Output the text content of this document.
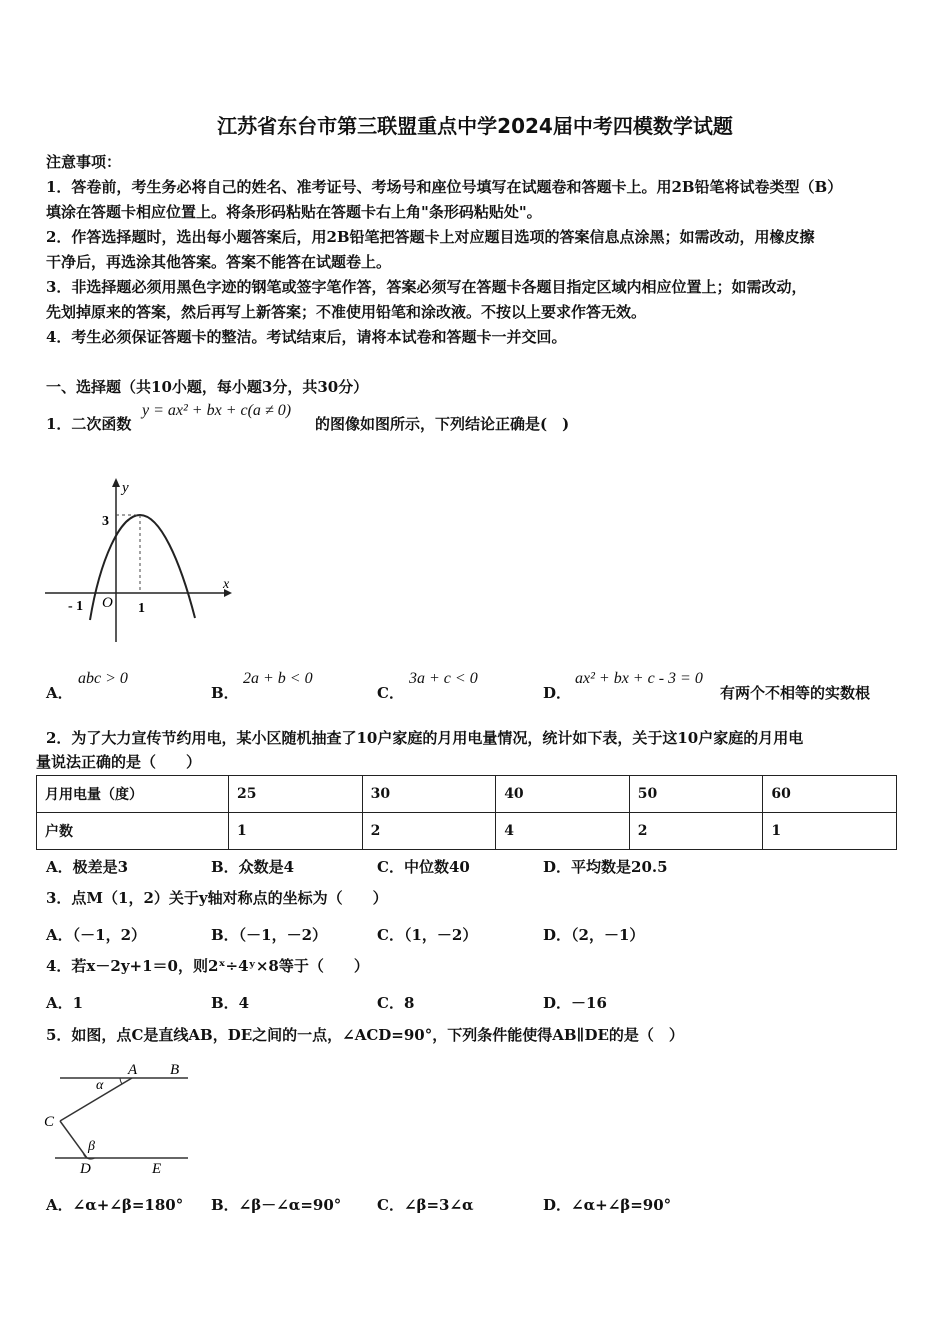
江苏省东台市第三联盟重点中学2024届中考四模数学试题
注意事项：
1．答卷前，考生务必将自己的姓名、准考证号、考场号和座位号填写在试题卷和答题卡上。用2B铅笔将试卷类型（B）
填涂在答题卡相应位置上。将条形码粘贴在答题卡右上角"条形码粘贴处"。
2．作答选择题时，选出每小题答案后，用2B铅笔把答题卡上对应题目选项的答案信息点涂黑；如需改动，用橡皮擦
干净后，再选涂其他答案。答案不能答在试题卷上。
3．非选择题必须用黑色字迹的钢笔或签字笔作答，答案必须写在答题卡各题目指定区域内相应位置上；如需改动，
先划掉原来的答案，然后再写上新答案；不准使用铅笔和涂改液。不按以上要求作答无效。
4．考生必须保证答题卡的整洁。考试结束后，请将本试卷和答题卡一并交回。
一、选择题（共10小题，每小题3分，共30分）
1．二次函数
y = ax² + bx + c(a ≠ 0)
的图像如图所示，下列结论正确是(　)
y
x
3
1
- 1 O
A．
abc > 0
B．
2a + b < 0
C．
3a + c < 0
D．
ax² + bx + c - 3 = 0
有两个不相等的实数根
2．为了大力宣传节约用电，某小区随机抽查了10户家庭的月用电量情况，统计如下表，关于这10户家庭的月用电
量说法正确的是（　　）
月用电量（度）	25	30	40	50	60
户数	1	2	4	2	1
A．极差是3	B．众数是4	C．中位数40	D．平均数是20.5
3．点M（1，2）关于y轴对称点的坐标为（　　）
A．（－1，2）	B．（－1，－2）	C．（1，－2）	D．（2，－1）
4．若x－2y+1＝0，则2ˣ÷4ʸ×8等于（　　）
A．1	B．4	C．8	D．－16
5．如图，点C是直线AB，DE之间的一点，∠ACD=90°，下列条件能使得AB∥DE的是（　）
A B
C
D	E
α
β
A．∠α+∠β=180° B．∠β－∠α=90° C．∠β=3∠α	D．∠α+∠β=90°
